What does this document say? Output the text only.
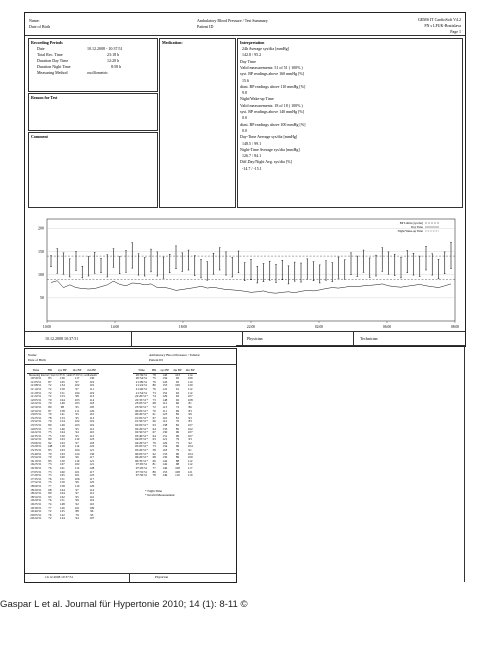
Name:
Date of Birth
Ambulatory Blood Pressure / Test Summary
Patient ID
GEMS IT CardioSoft V4.2
FN s LFUK-Bratislava
Page 1
Recording Periods
Date	10.12.2008 - 10:37:51
Total Rec. Time	23:18 h
Duration Day Time	12:20 h
Duration Night Time	8:58 h
Measuring Method	oscillometric
Medication:	Interpretation
24h Average sys/dia [mmHg]
142.8 / 95.2
Day Time
Valid measurements: 51 of 51 ( 100% )
syst. BP readings above 160 mmHg [%]
15.6
diast. BP readings above 110 mmHg [%]
9.8
Night/Wake-up Time
Valid measurements: 18 of 18 ( 100% )
syst. BP readings above 140 mmHg [%]
0.0
diast. BP readings above 100 mmHg [%]
0.0
Day-Time Average sys/dia [mmHg]
148.5 / 99.1
Night-Time Average sys/dia [mmHg]
126.7 / 84.1
Diff.Day/Night Avg. sys/dia [%]
-14.7 / -15.1
Reason for Test
Comment
200
150
100
50
10:00	14:00	18:00	22:00	02:00	06:00	08:00
BP Limits (sys/dia)
Day Time
Night/Wake-up Time
10.12.2008 10:37:51	Physician	Technician
Name:
Date of Birth
Ambulatory Blood Pressure / Tabular
Patient ID
Time	HR	sys BP	dia BP	mn BP
Measuring Interval | Start 10:37:51 | until 07:50:51 | oscillometric				
10:50:51	83	156	117	130
11:05:51	87	165	97	119
11:08:51	72	134	102	119
11:14:51	72	150	97	111
11:20:51	72	151	104	119
11:22:51	72	153	98	113
12:05:51	70	164	103	114
12:22:51	70	149	103	118
12:50:51	80	98	95	105
12:54:51	87	158	111	126
13:05:51	70	141	95	110
13:25:51	78	153	95	113
13:52:51	70	154	102	119
13:55:51	80	149	103	119
14:05:51	73	146	95	112
14:22:51	75	164	94	110
14:35:51	75	150	95	112
14:52:51	80	163	110	123
15:06:51	92	163	97	118
15:20:51	148	118	114	122
15:35:51	83	163	104	121
15:40:51	70	163	124	136
15:54:51	70	160	96	117
16:10:51	83	150	110	121
16:25:51	73	167	102	121
16:39:51	76	161	112	128
17:05:51	73	160	101	117
17:20:51	73	165	101	123
17:35:51	76	151	106	117
17:52:51	73	150	99	125
18:00:51	77	158	110	126
18:20:51	68	164	97	114
18:22:51	80	164	97	112
18:54:51	93	162	95	116
19:20:51	76	151	99	116
19:25:51	74	148	92	110
19:30:51	77	126	101	109
19:44:51	72	125	88	96
20:05:51	76	122	79	93
20:24:51	72	124	94	107
Time	HR	sys BP	dia BP	mn BP
20:39:51	78	140	103	114
20:54:51	75	134	92	106
21:09:51	76	143	95	114
21:24:51	80	153	100	120
21:40:51	76	141	91	112
21:54:51	73	152	92	112
22:20:51*	74	129	92	107
22:35:51*	73	148	92	108
23:05:51*	68	112	66	81
23:50:51*	72	113	72	86
00:05:51*	70	111	69	83
00:20:51*	61	123	82	99
01:05:51*	67	110	81	93
01:50:51*	66	112	70	83
02:05:51*	63	138	82	107
02:20:51*	64	133	85	102
02:50:51*	67	130	96	107
03:40:51*	64	131	96	107
04:05:51*	63	121	79	93
04:20:51*	79	126	75	92
05:05:51*	73	134	96	104
05:20:51*	58	118	79	91
06:05:51*	62	133	90	104
06:20:51*	68	130	89	109
06:35:51*	66	142	88	112
07:05:51	81	142	98	112
07:20:51	77	146	108	117
07:35:51	89	153	108	121
07:50:51	78	149	110	119
* Night Time
* Invalid Measurement
10.12.2008 10:37:51	Physician
Gaspar L et al. Journal für Hypertonie 2010; 14 (1): 8-11 ©
